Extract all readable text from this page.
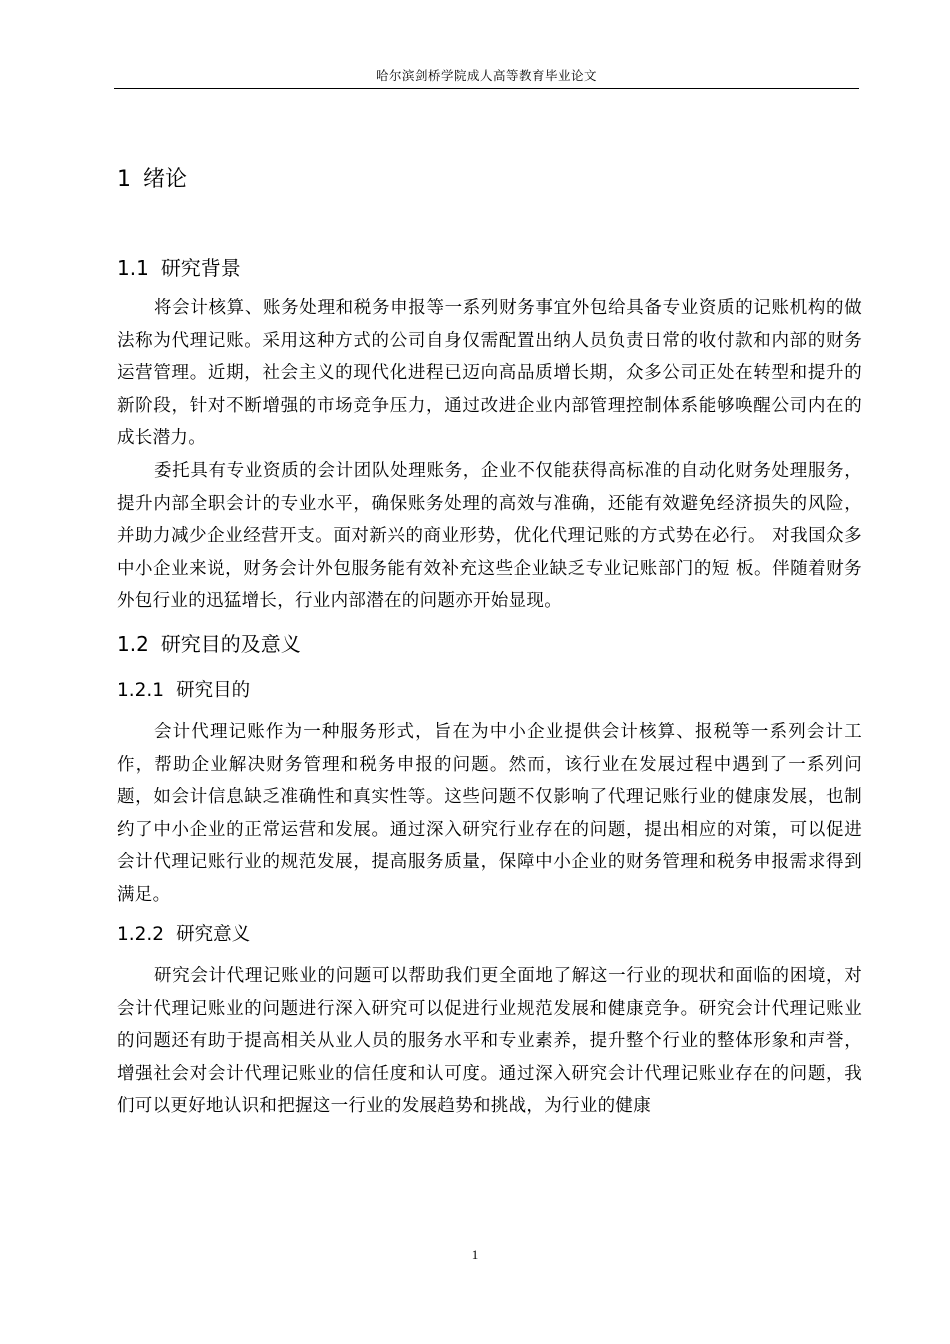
哈尔滨剑桥学院成人高等教育毕业论文
1 绪论
1.1 研究背景

将会计核算、账务处理和税务申报等一系列财务事宜外包给具备专业资质的记账机构的做法称为代理记账。采用这种方式的公司自身仅需配置出纳人员负责日常的收付款和内部的财务运营管理。近期，社会主义的现代化进程已迈向高品质增长期，众多公司正处在转型和提升的新阶段，针对不断增强的市场竞争压力，通过改进企业内部管理控制体系能够唤醒公司内在的成长潜力。

委托具有专业资质的会计团队处理账务，企业不仅能获得高标准的自动化财务处理服务，提升内部全职会计的专业水平，确保账务处理的高效与准确，还能有效避免经济损失的风险，并助力减少企业经营开支。面对新兴的商业形势，优化代理记账的方式势在必行。 对我国众多中小企业来说，财务会计外包服务能有效补充这些企业缺乏专业记账部门的短 板。伴随着财务外包行业的迅猛增长，行业内部潜在的问题亦开始显现。

1.2 研究目的及意义
1.2.1 研究目的

会计代理记账作为一种服务形式，旨在为中小企业提供会计核算、报税等一系列会计工作，帮助企业解决财务管理和税务申报的问题。然而，该行业在发展过程中遇到了一系列问题，如会计信息缺乏准确性和真实性等。这些问题不仅影响了代理记账行业的健康发展，也制约了中小企业的正常运营和发展。通过深入研究行业存在的问题，提出相应的对策，可以促进会计代理记账行业的规范发展，提高服务质量，保障中小企业的财务管理和税务申报需求得到满足。

1.2.2 研究意义

研究会计代理记账业的问题可以帮助我们更全面地了解这一行业的现状和面临的困境，对会计代理记账业的问题进行深入研究可以促进行业规范发展和健康竞争。研究会计代理记账业的问题还有助于提高相关从业人员的服务水平和专业素养，提升整个行业的整体形象和声誉，增强社会对会计代理记账业的信任度和认可度。通过深入研究会计代理记账业存在的问题，我们可以更好地认识和把握这一行业的发展趋势和挑战，为行业的健康

1
